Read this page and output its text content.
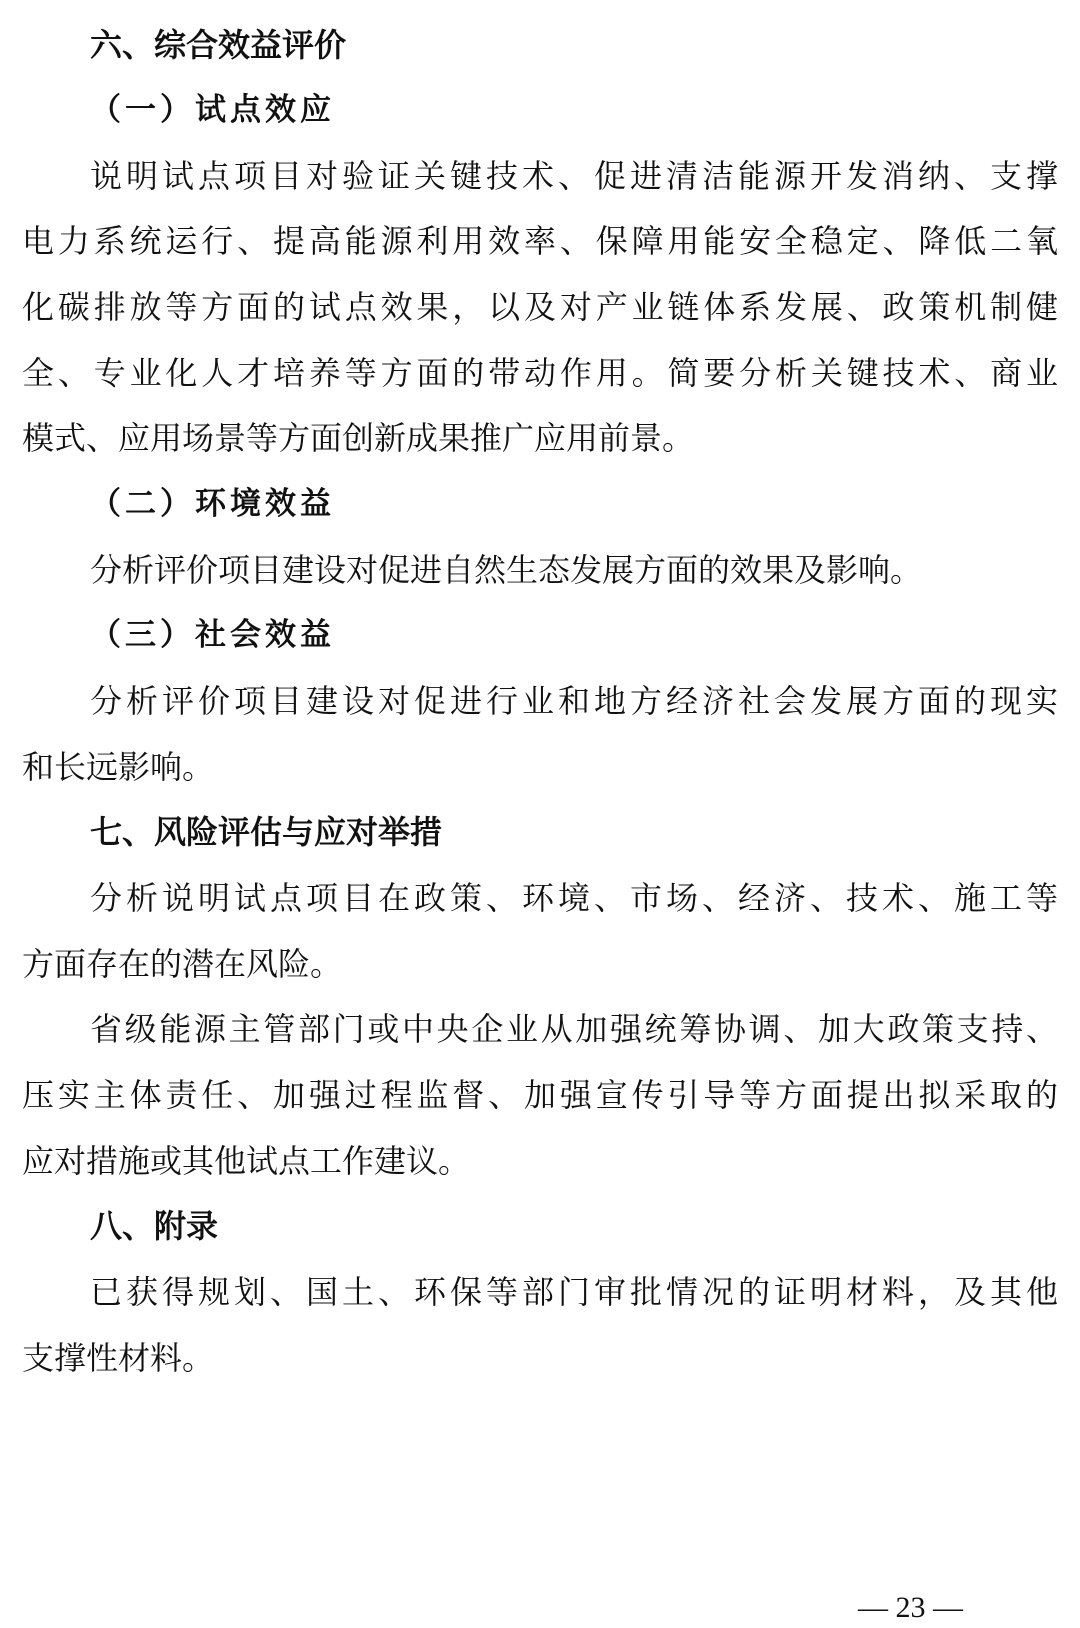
六、综合效益评价
（一）试点效应
说明试点项目对验证关键技术、促进清洁能源开发消纳、支撑
电力系统运行、提高能源利用效率、保障用能安全稳定、降低二氧
化碳排放等方面的试点效果，以及对产业链体系发展、政策机制健
全、专业化人才培养等方面的带动作用。简要分析关键技术、商业
模式、应用场景等方面创新成果推广应用前景。
（二）环境效益
分析评价项目建设对促进自然生态发展方面的效果及影响。
（三）社会效益
分析评价项目建设对促进行业和地方经济社会发展方面的现实
和长远影响。
七、风险评估与应对举措
分析说明试点项目在政策、环境、市场、经济、技术、施工等
方面存在的潜在风险。
省级能源主管部门或中央企业从加强统筹协调、加大政策支持、
压实主体责任、加强过程监督、加强宣传引导等方面提出拟采取的
应对措施或其他试点工作建议。
八、附录
已获得规划、国土、环保等部门审批情况的证明材料，及其他
支撑性材料。
— 23 —
